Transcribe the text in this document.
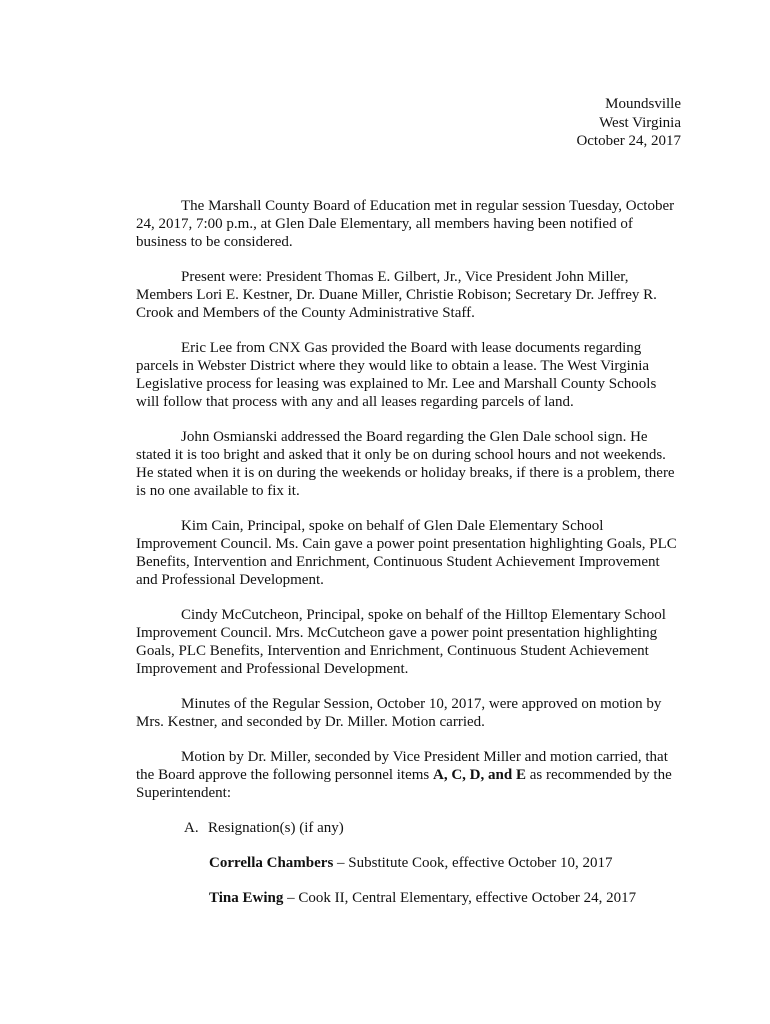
Moundsville
West Virginia
October 24, 2017

The Marshall County Board of Education met in regular session Tuesday, October 24, 2017, 7:00 p.m., at Glen Dale Elementary, all members having been notified of business to be considered.

Present were: President Thomas E. Gilbert, Jr., Vice President John Miller, Members Lori E. Kestner, Dr. Duane Miller, Christie Robison; Secretary Dr. Jeffrey R. Crook and Members of the County Administrative Staff.

Eric Lee from CNX Gas provided the Board with lease documents regarding parcels in Webster District where they would like to obtain a lease. The West Virginia Legislative process for leasing was explained to Mr. Lee and Marshall County Schools will follow that process with any and all leases regarding parcels of land.

John Osmianski addressed the Board regarding the Glen Dale school sign. He stated it is too bright and asked that it only be on during school hours and not weekends. He stated when it is on during the weekends or holiday breaks, if there is a problem, there is no one available to fix it.

Kim Cain, Principal, spoke on behalf of Glen Dale Elementary School Improvement Council. Ms. Cain gave a power point presentation highlighting Goals, PLC Benefits, Intervention and Enrichment, Continuous Student Achievement Improvement and Professional Development.

Cindy McCutcheon, Principal, spoke on behalf of the Hilltop Elementary School Improvement Council. Mrs. McCutcheon gave a power point presentation highlighting Goals, PLC Benefits, Intervention and Enrichment, Continuous Student Achievement Improvement and Professional Development.

Minutes of the Regular Session, October 10, 2017, were approved on motion by Mrs. Kestner, and seconded by Dr. Miller. Motion carried.

Motion by Dr. Miller, seconded by Vice President Miller and motion carried, that the Board approve the following personnel items A, C, D, and E as recommended by the Superintendent:

A. Resignation(s) (if any)
Corrella Chambers – Substitute Cook, effective October 10, 2017
Tina Ewing – Cook II, Central Elementary, effective October 24, 2017
